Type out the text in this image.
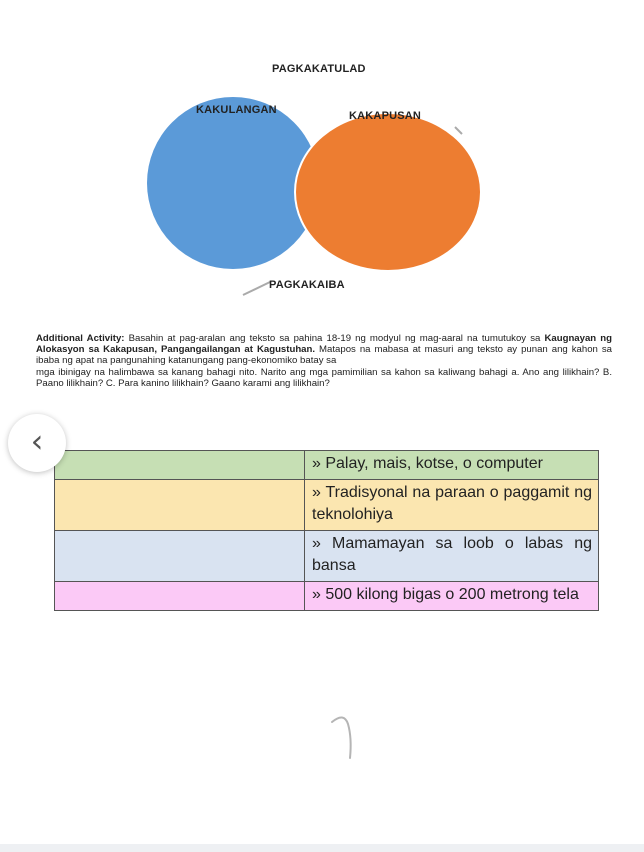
PAGKAKATULAD
KAKULANGAN	KAKAPUSAN
PAGKAKAIBA

Additional Activity: Basahin at pag-aralan ang teksto sa pahina 18-19 ng modyul ng mag-aaral na tumutukoy sa Kaugnayan ng Alokasyon sa Kakapusan, Pangangailangan at Kagustuhan. Matapos na mabasa at masuri ang teksto ay punan ang kahon sa ibaba ng apat na pangunahing katanungang pang-ekonomiko batay sa

mga ibinigay na halimbawa sa kanang bahagi nito. Narito ang mga pamimilian sa kahon sa kaliwang bahagi a. Ano ang lilikhain? B. Paano lilikhain? C. Para kanino lilikhain? Gaano karami ang lilikhain?

	» Palay, mais, kotse, o computer
	» Tradisyonal na paraan o paggamit ng teknolohiya
	» Mamamayan sa loob o labas ng bansa
	» 500 kilong bigas o 200 metrong tela
‹
